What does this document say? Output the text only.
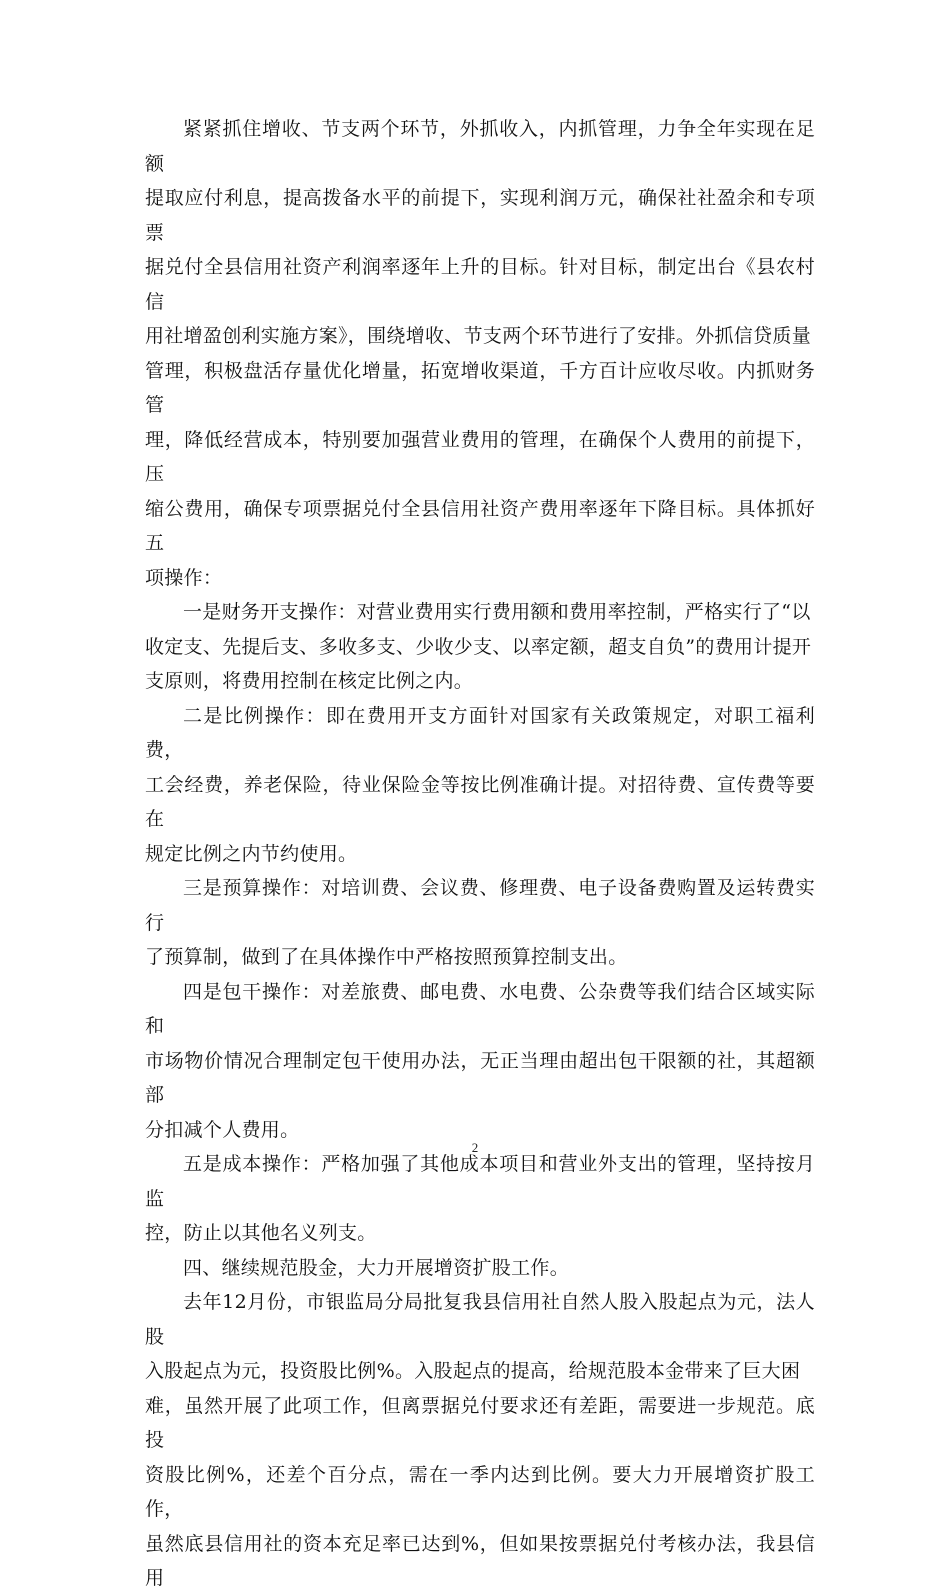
紧紧抓住增收、节支两个环节，外抓收入，内抓管理，力争全年实现在足额
提取应付利息，提高拨备水平的前提下，实现利润万元，确保社社盈余和专项票
据兑付全县信用社资产利润率逐年上升的目标。针对目标，制定出台《县农村信
用社增盈创利实施方案》，围绕增收、节支两个环节进行了安排。外抓信贷质量
管理，积极盘活存量优化增量，拓宽增收渠道，千方百计应收尽收。内抓财务管
理，降低经营成本，特别要加强营业费用的管理，在确保个人费用的前提下，压
缩公费用，确保专项票据兑付全县信用社资产费用率逐年下降目标。具体抓好五
项操作：

一是财务开支操作：对营业费用实行费用额和费用率控制，严格实行了“以
收定支、先提后支、多收多支、少收少支、以率定额，超支自负”的费用计提开
支原则，将费用控制在核定比例之内。

二是比例操作：即在费用开支方面针对国家有关政策规定，对职工福利费，
工会经费，养老保险，待业保险金等按比例准确计提。对招待费、宣传费等要在
规定比例之内节约使用。

三是预算操作：对培训费、会议费、修理费、电子设备费购置及运转费实行
了预算制，做到了在具体操作中严格按照预算控制支出。

四是包干操作：对差旅费、邮电费、水电费、公杂费等我们结合区域实际和
市场物价情况合理制定包干使用办法，无正当理由超出包干限额的社，其超额部
分扣减个人费用。

五是成本操作：严格加强了其他成本项目和营业外支出的管理，坚持按月监
控，防止以其他名义列支。

四、继续规范股金，大力开展增资扩股工作。

去年12月份，市银监局分局批复我县信用社自然人股入股起点为元，法人股
入股起点为元，投资股比例%。入股起点的提高，给规范股本金带来了巨大困
难，虽然开展了此项工作，但离票据兑付要求还有差距，需要进一步规范。底投
资股比例%，还差个百分点，需在一季内达到比例。要大力开展增资扩股工作，
虽然底县信用社的资本充足率已达到%，但如果按票据兑付考核办法，我县信用

2
